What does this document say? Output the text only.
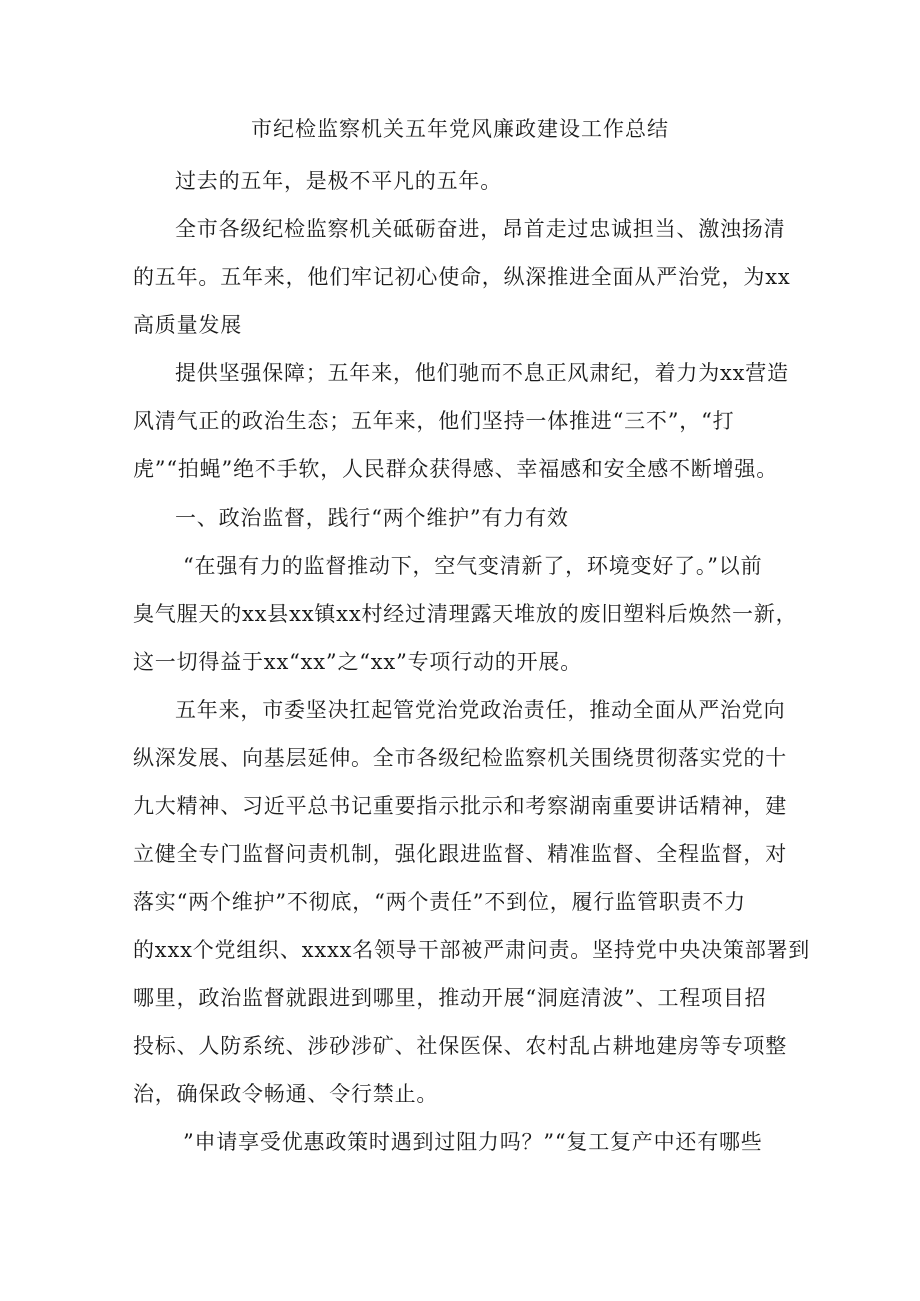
市纪检监察机关五年党风廉政建设工作总结
过去的五年，是极不平凡的五年。
全市各级纪检监察机关砥砺奋进，昂首走过忠诚担当、激浊扬清
的五年。五年来，他们牢记初心使命，纵深推进全面从严治党，为xx
高质量发展
提供坚强保障；五年来，他们驰而不息正风肃纪，着力为xx营造
风清气正的政治生态；五年来，他们坚持一体推进“三不”，“打
虎”“拍蝇”绝不手软，人民群众获得感、幸福感和安全感不断增强。
一、政治监督，践行“两个维护”有力有效
“在强有力的监督推动下，空气变清新了，环境变好了。”以前
臭气腥天的xx县xx镇xx村经过清理露天堆放的废旧塑料后焕然一新，
这一切得益于xx“xx”之“xx”专项行动的开展。
五年来，市委坚决扛起管党治党政治责任，推动全面从严治党向
纵深发展、向基层延伸。全市各级纪检监察机关围绕贯彻落实党的十
九大精神、习近平总书记重要指示批示和考察湖南重要讲话精神，建
立健全专门监督问责机制，强化跟进监督、精准监督、全程监督，对
落实“两个维护”不彻底，“两个责任”不到位，履行监管职责不力
的xxx个党组织、xxxx名领导干部被严肃问责。坚持党中央决策部署到
哪里，政治监督就跟进到哪里，推动开展“洞庭清波”、工程项目招
投标、人防系统、涉砂涉矿、社保医保、农村乱占耕地建房等专项整
治，确保政令畅通、令行禁止。
”申请享受优惠政策时遇到过阻力吗？”“复工复产中还有哪些
